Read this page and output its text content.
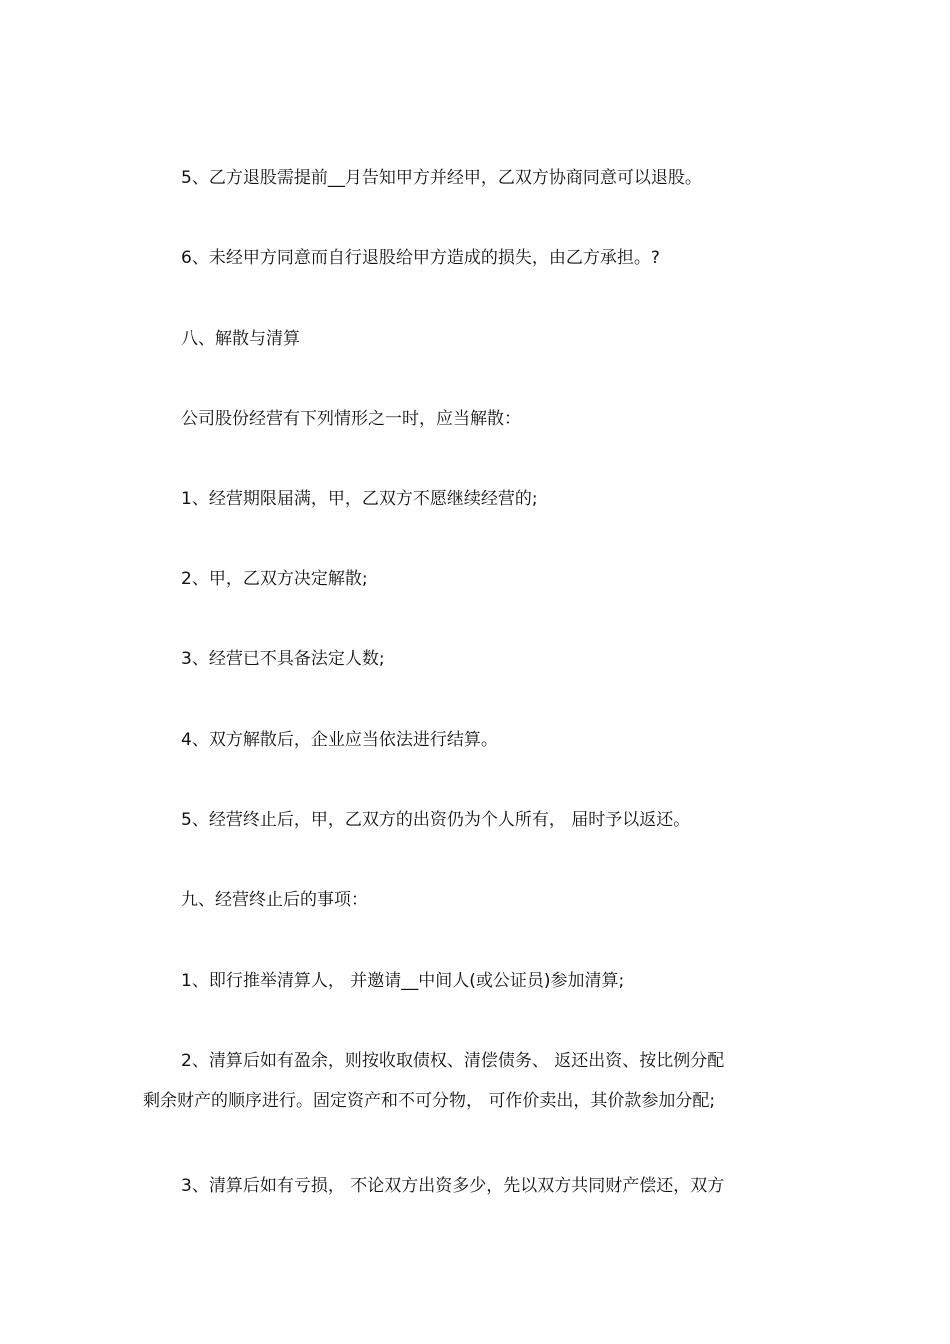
5、乙方退股需提前__月告知甲方并经甲，乙双方协商同意可以退股。

6、未经甲方同意而自行退股给甲方造成的损失，由乙方承担。?

八、解散与清算

公司股份经营有下列情形之一时，应当解散：

1、经营期限届满，甲，乙双方不愿继续经营的;

2、甲，乙双方决定解散;

3、经营已不具备法定人数;

4、双方解散后，企业应当依法进行结算。

5、经营终止后，甲，乙双方的出资仍为个人所有， 届时予以返还。

九、经营终止后的事项：

1、即行推举清算人， 并邀请__中间人(或公证员)参加清算;

2、清算后如有盈余，则按收取债权、清偿债务、 返还出资、按比例分配
剩余财产的顺序进行。固定资产和不可分物， 可作价卖出，其价款参加分配;

3、清算后如有亏损， 不论双方出资多少，先以双方共同财产偿还，双方
